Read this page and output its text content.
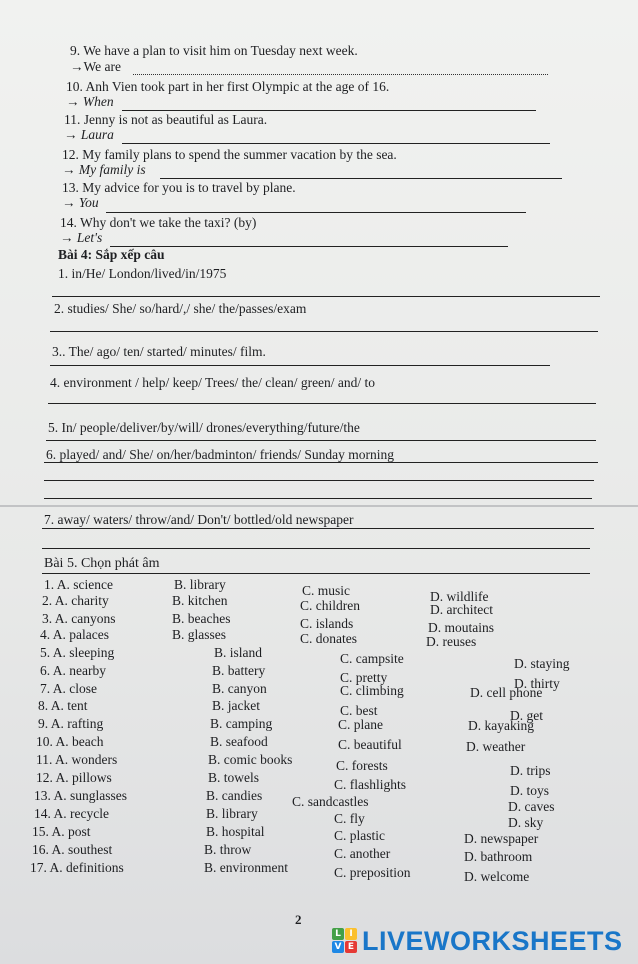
9. We have a plan to visit him on Tuesday next week.
→We are
10. Anh Vien took part in her first Olympic at the age of 16.
→ When
11. Jenny is not as beautiful as Laura.
→ Laura
12. My family plans to spend the summer vacation by the sea.
→ My family is
13. My advice for you is to travel by plane.
→ You
14. Why don't we take the taxi? (by)
→ Let's
Bài 4: Sắp xếp câu
1. in/He/ London/lived/in/1975
2. studies/ She/ so/hard/,/ she/ the/passes/exam
3.. The/ ago/ ten/ started/ minutes/ film.
4. environment / help/ keep/ Trees/ the/ clean/ green/ and/ to
5. In/ people/deliver/by/will/ drones/everything/future/the
6. played/ and/ She/ on/her/badminton/ friends/ Sunday morning
7. away/ waters/ throw/and/ Don't/ bottled/old newspaper
Bài 5. Chọn phát âm
1. A. science	B. library	C. music	D. wildlife
2. A. charity	B. kitchen	C. children	D. architect
3. A. canyons	B. beaches	C. islands	D. moutains
4. A. palaces	B. glasses	C. donates	D. reuses
5. A. sleeping	B. island	C. campsite	D. staying
6. A. nearby	B. battery	C. pretty	D. thirty
7. A. close	B. canyon	C. climbing	D. cell phone
8. A. tent	B. jacket	C. best	D. get
9. A. rafting	B. camping	C. plane	D. kayaking
10. A. beach	B. seafood	C. beautiful	D. weather
11. A. wonders	B. comic books	C. forests	D. trips
12. A. pillows	B. towels	C. flashlights	D. toys
13. A. sunglasses	B. candies C. sandcastles	D. caves
14. A. recycle	B. library	C. fly	D. sky
15. A. post	B. hospital	C. plastic	D. newspaper
16. A. southest	B. throw	C. another	D. bathroom
17. A. definitions	B. environment	C. preposition	D. welcome
2
L I
V E LIVEWORKSHEETS
